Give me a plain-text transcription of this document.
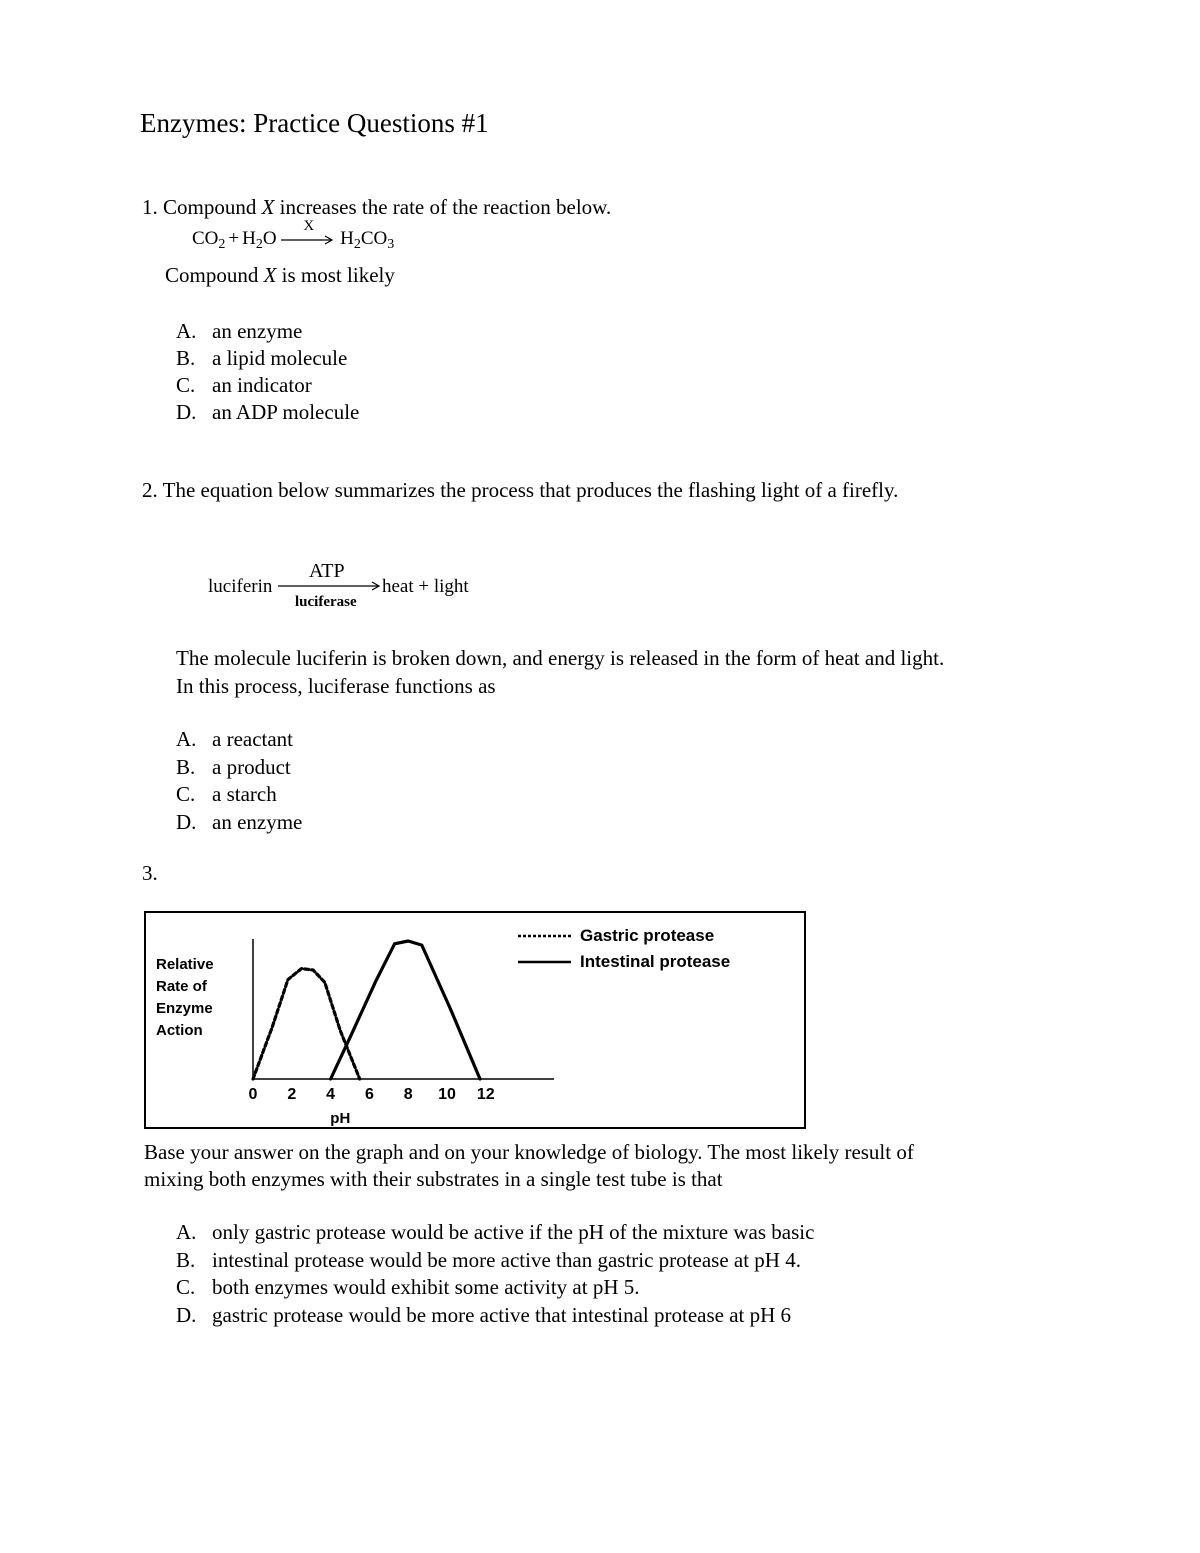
Enzymes: Practice Questions #1
1. Compound X increases the rate of the reaction below.
$CO_2 + H_2O$
X
$H_2CO_3$
Compound X is most likely
A. an enzyme
B. a lipid molecule
C. an indicator
D. an ADP molecule
2. The equation below summarizes the process that produces the flashing light of a firefly.
luciferin
ATP
luciferase
heat + light
The molecule luciferin is broken down, and energy is released in the form of heat and light.
In this process, luciferase functions as
A. a reactant
B. a product
C. a starch
D. an enzyme
3.
Relative
Rate of
Enzyme
Action
0 2 4 6 8 10 12
pH
Gastric protease
Intestinal protease
Base your answer on the graph and on your knowledge of biology. The most likely result of
mixing both enzymes with their substrates in a single test tube is that
A. only gastric protease would be active if the pH of the mixture was basic
B. intestinal protease would be more active than gastric protease at pH 4.
C. both enzymes would exhibit some activity at pH 5.
D. gastric protease would be more active that intestinal protease at pH 6
